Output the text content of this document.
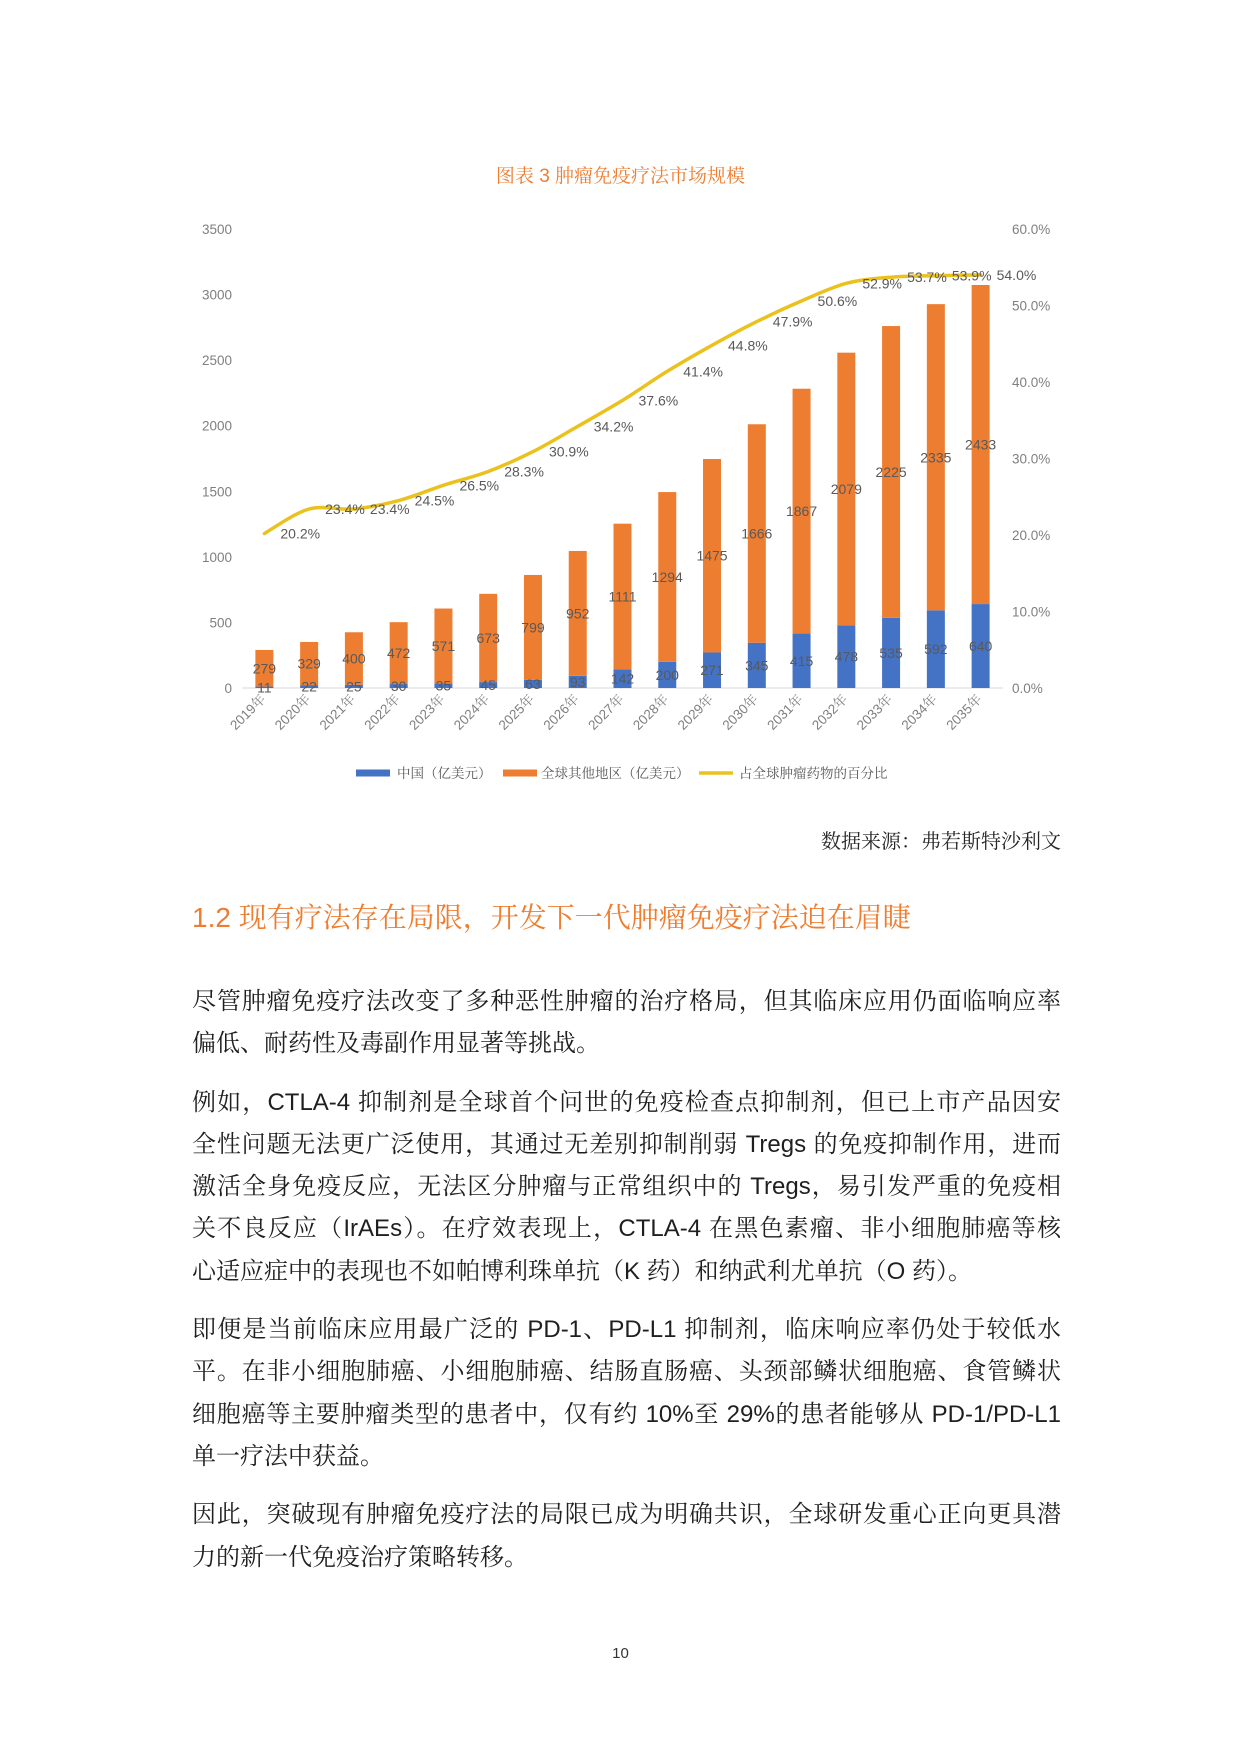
图表 3 肿瘤免疫疗法市场规模
0
500
1000
1500
2000
2500
3000
3500
0.0%
10.0%
20.0%
30.0%
40.0%
50.0%
60.0%
2019年 2020年 2021年 2022年 2023年 2024年 2025年 2026年 2027年 2028年 2029年 2030年 2031年 2032年 2033年 2034年 2035年
11
279
22
329
25
400
30
472
35
571
45
673
63
799
93
952
142
1111
200
1294
271
1475
345
1666
415
1867
478
2079
535
2225
592
2335
640
2433
20.2%
23.4% 23.4%
24.5%
26.5%
28.3%
30.9%
34.2%
37.6%
41.4%
44.8%
47.9%
50.6%
52.9% 53.7% 53.9% 54.0%
中国（亿美元）	全球其他地区（亿美元）	占全球肿瘤药物的百分比
数据来源：弗若斯特沙利文
1.2 现有疗法存在局限，开发下一代肿瘤免疫疗法迫在眉睫
尽管肿瘤免疫疗法改变了多种恶性肿瘤的治疗格局，但其临床应用仍面临响应率
偏低、耐药性及毒副作用显著等挑战。
例如，CTLA-4 抑制剂是全球首个问世的免疫检查点抑制剂，但已上市产品因安
全性问题无法更广泛使用，其通过无差别抑制削弱 Tregs 的免疫抑制作用，进而
激活全身免疫反应，无法区分肿瘤与正常组织中的 Tregs，易引发严重的免疫相
关不良反应（IrAEs）。在疗效表现上，CTLA-4 在黑色素瘤、非小细胞肺癌等核
心适应症中的表现也不如帕博利珠单抗（K 药）和纳武利尤单抗（O 药）。
即便是当前临床应用最广泛的 PD-1、PD-L1 抑制剂，临床响应率仍处于较低水
平。在非小细胞肺癌、小细胞肺癌、结肠直肠癌、头颈部鳞状细胞癌、食管鳞状
细胞癌等主要肿瘤类型的患者中，仅有约 10%至 29%的患者能够从 PD-1/PD-L1
单一疗法中获益。
因此，突破现有肿瘤免疫疗法的局限已成为明确共识，全球研发重心正向更具潜
力的新一代免疫治疗策略转移。
10
